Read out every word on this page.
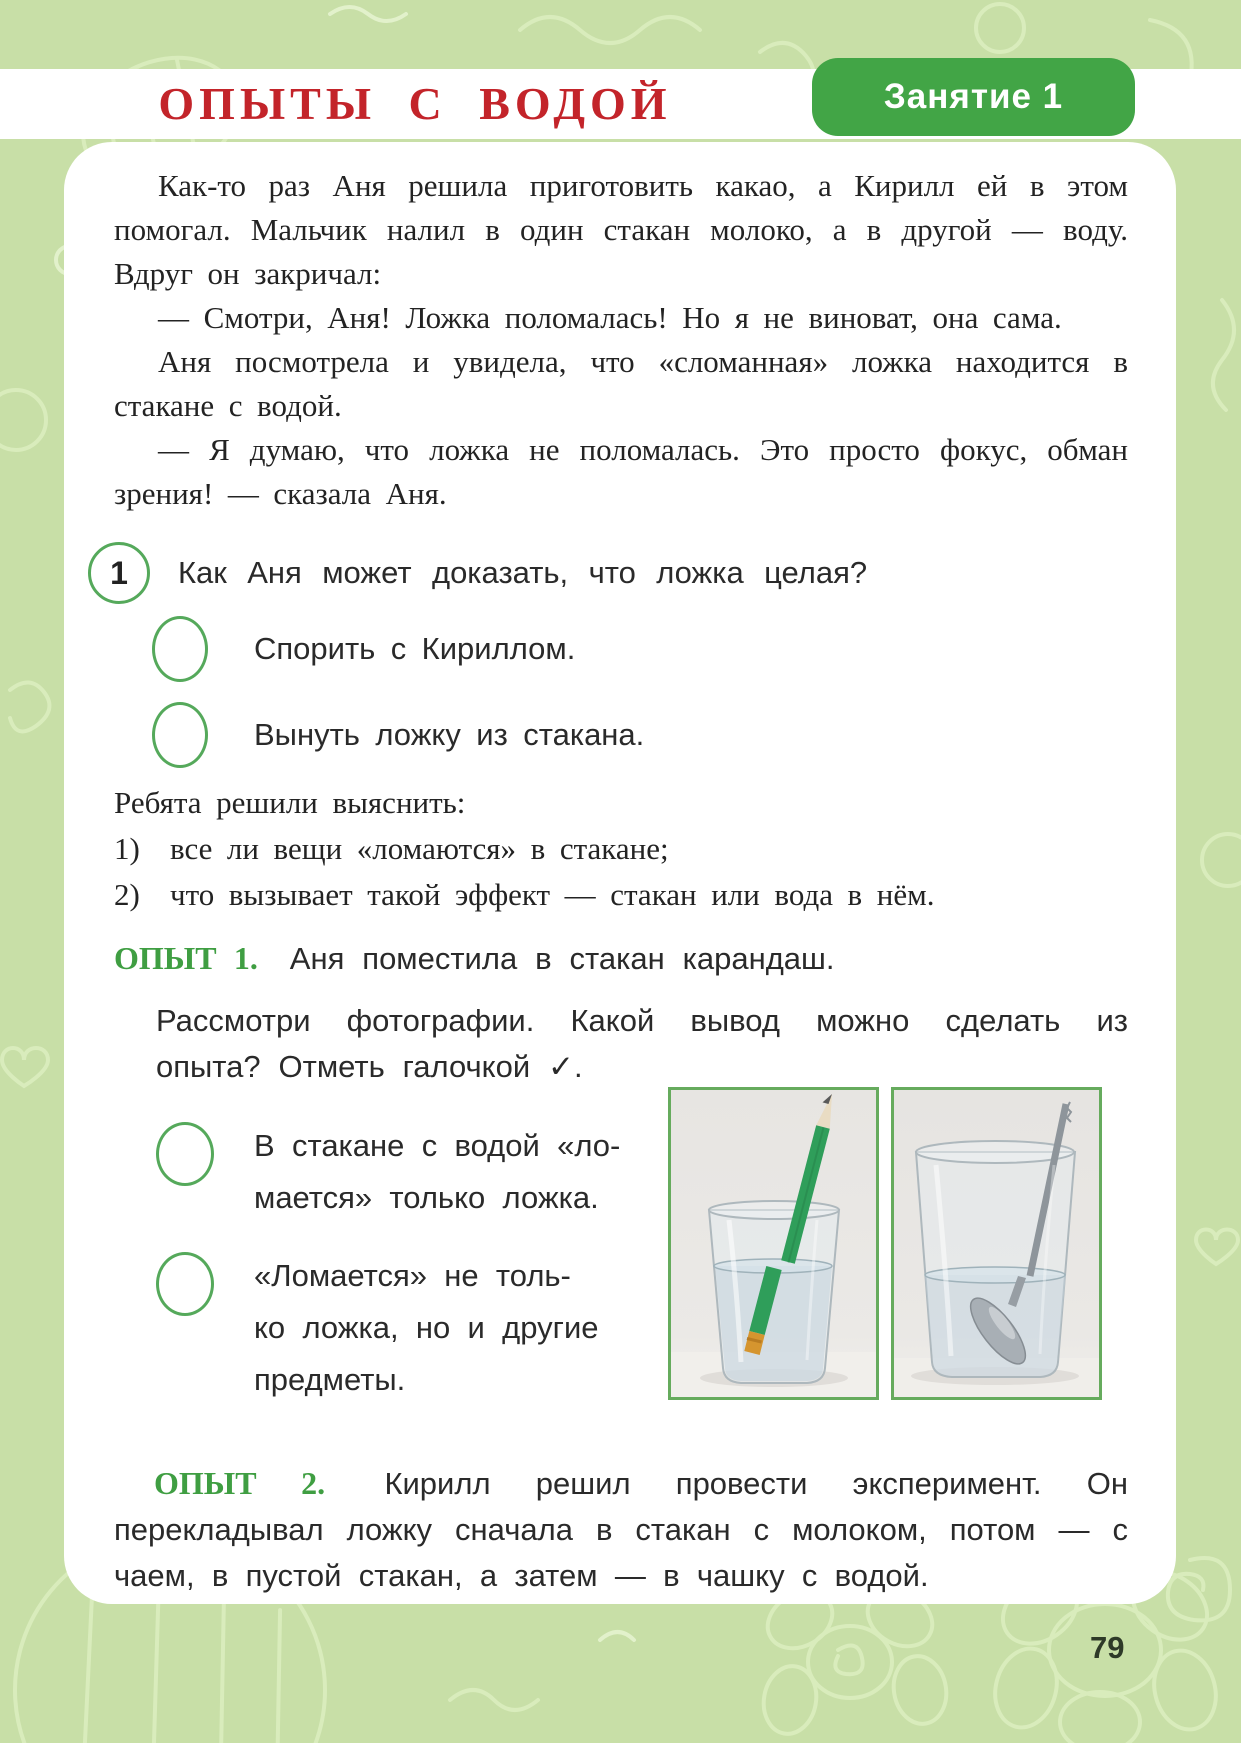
ОПЫТЫ С ВОДОЙ	Занятие 1

Как-то раз Аня решила приготовить какао, а Кирилл ей в этом помогал. Мальчик налил в один стакан молоко, а в другой — воду. Вдруг он закричал:

— Смотри, Аня! Ложка поломалась! Но я не виноват, она сама.

Аня посмотрела и увидела, что «сломанная» ложка находится в стакане с водой.

— Я думаю, что ложка не поломалась. Это просто фокус, обман зрения! — сказала Аня.

1	Как Аня может доказать, что ложка целая?
Спорить с Кириллом.
Вынуть ложку из стакана.

Ребята решили выяснить:

1) все ли вещи «ломаются» в стакане;

2) что вызывает такой эффект — стакан или вода в нём.

ОПЫТ 1. Аня поместила в стакан карандаш.
Рассмотри фотографии. Какой вывод можно сделать из опыта? Отметь галочкой ✓.
В стакане с водой «ло-
мается» только ложка.
«Ломается» не толь-
ко ложка, но и другие
предметы.

ОПЫТ 2. Кирилл решил провести эксперимент. Он перекладывал ложку сначала в стакан с молоком, потом — с чаем, в пустой стакан, а затем — в чашку с водой.

79
